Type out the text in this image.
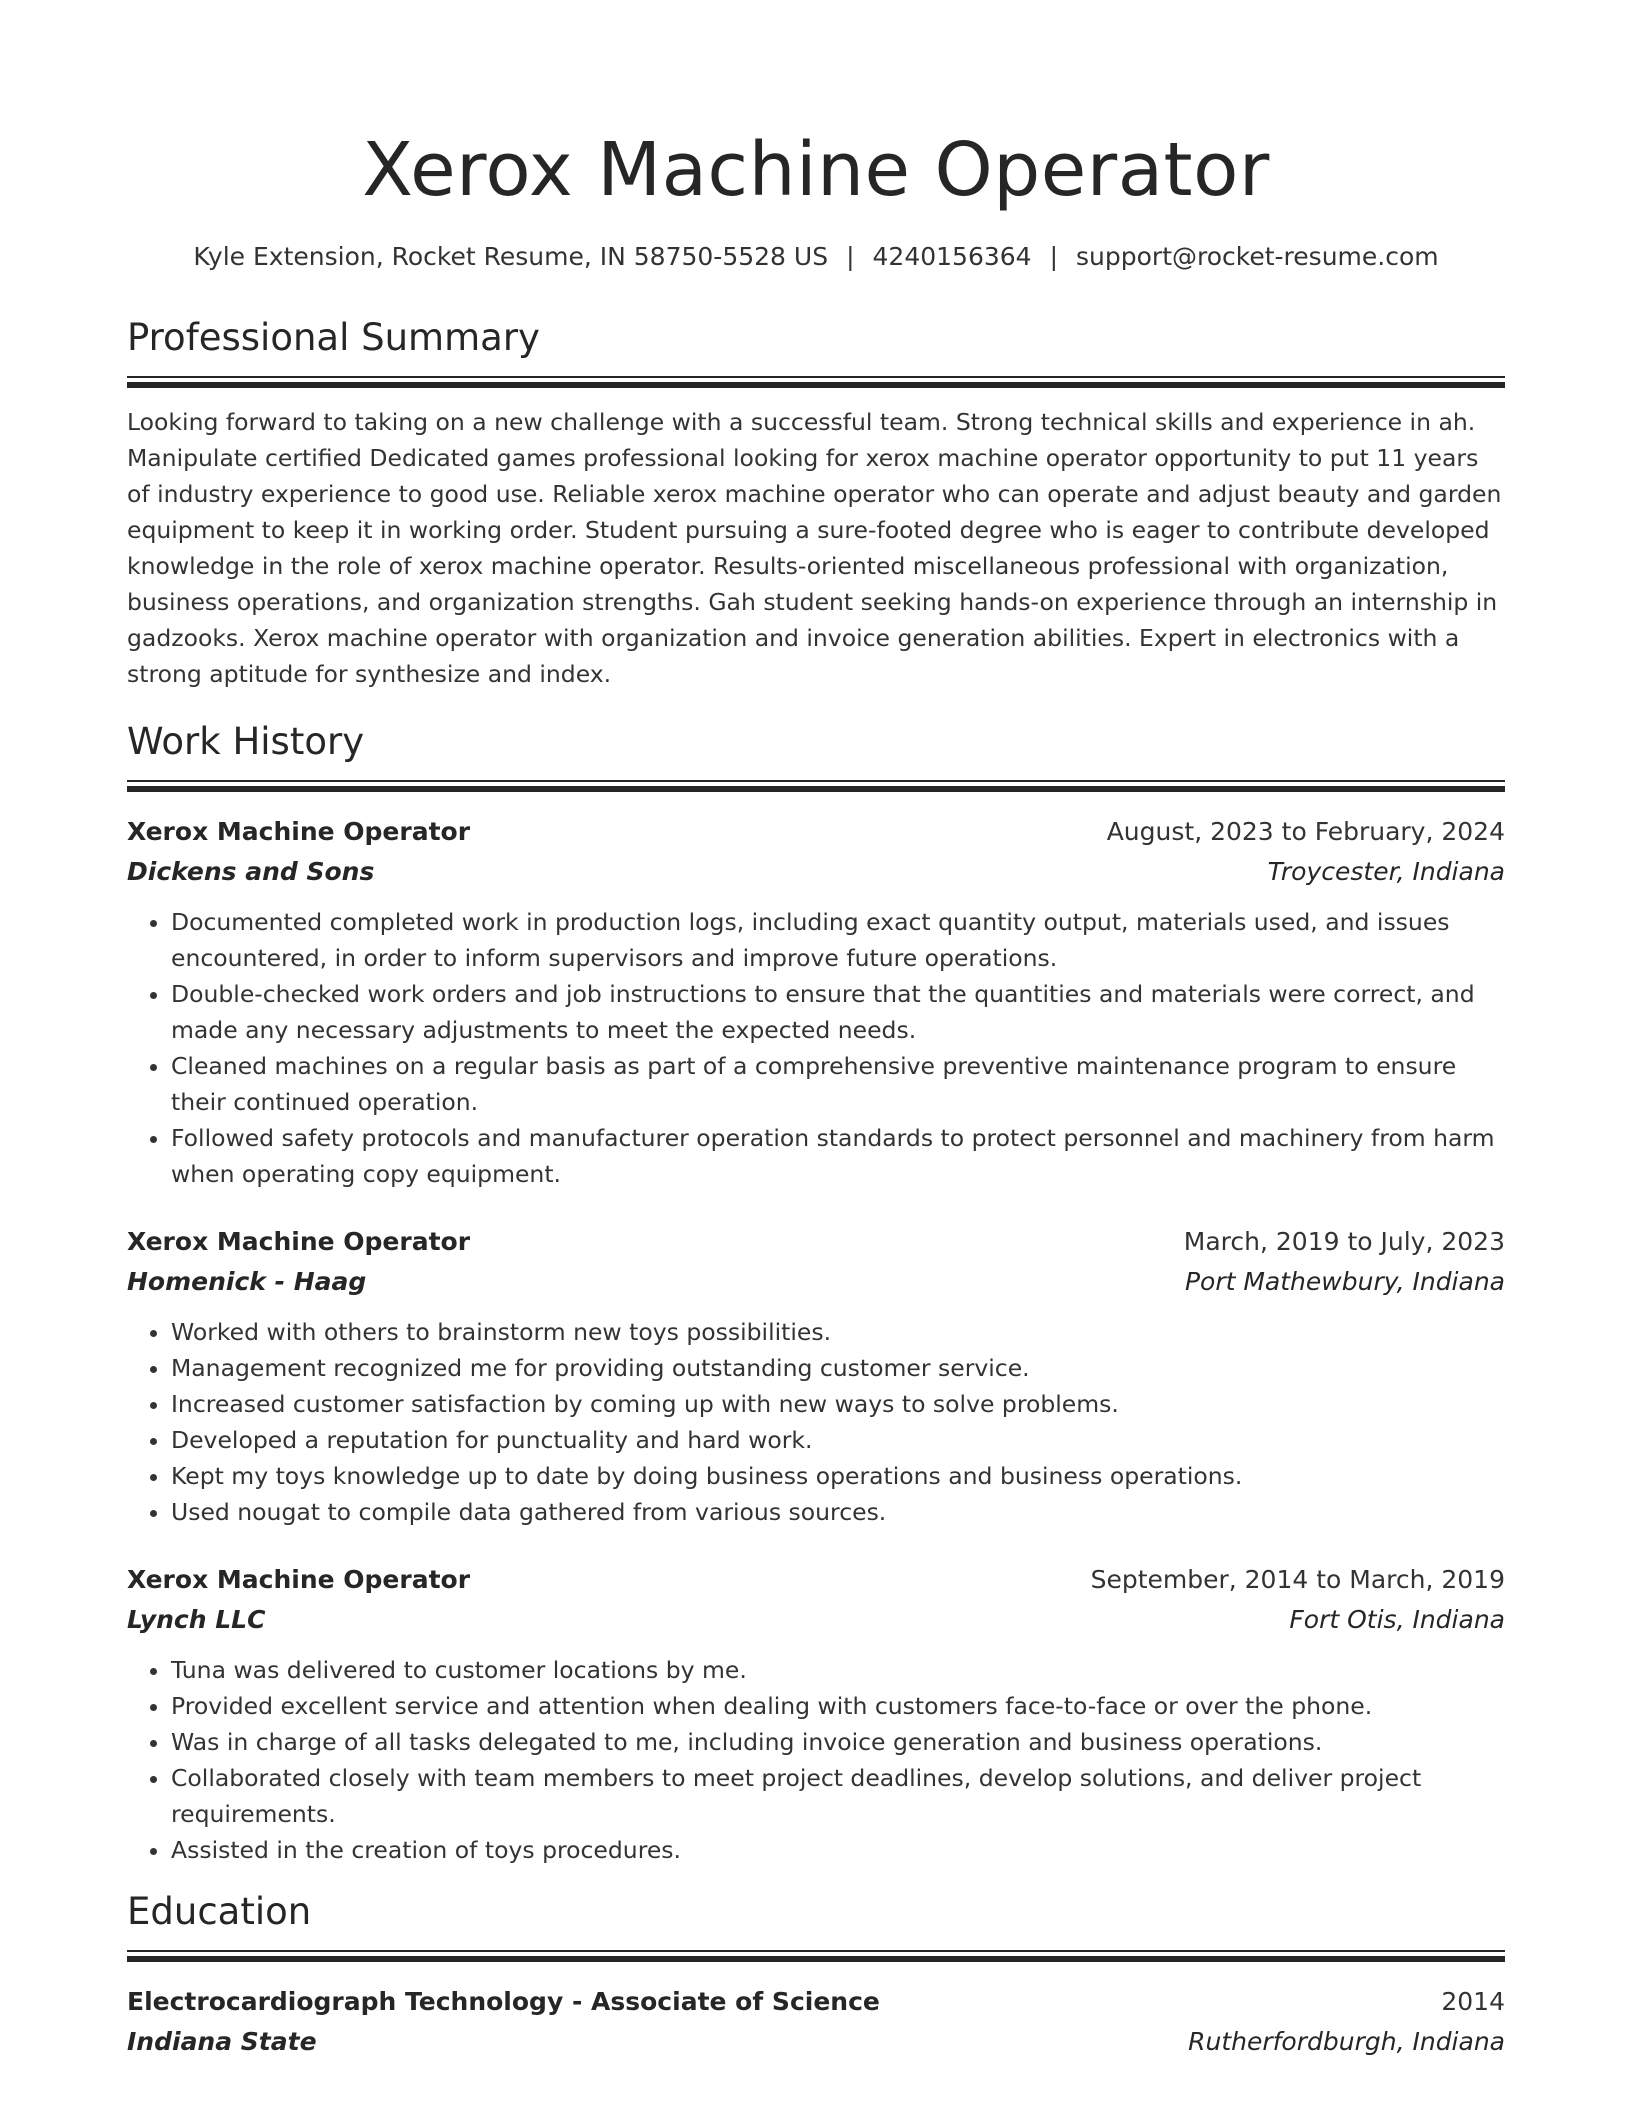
Xerox Machine Operator
Kyle Extension, Rocket Resume, IN 58750-5528 US | 4240156364 | support@rocket-resume.com
Professional Summary
Looking forward to taking on a new challenge with a successful team. Strong technical skills and experience in ah. Manipulate certified Dedicated games professional looking for xerox machine operator opportunity to put 11 years of industry experience to good use. Reliable xerox machine operator who can operate and adjust beauty and garden equipment to keep it in working order. Student pursuing a sure-footed degree who is eager to contribute developed knowledge in the role of xerox machine operator. Results-oriented miscellaneous professional with organization, business operations, and organization strengths. Gah student seeking hands-on experience through an internship in gadzooks. Xerox machine operator with organization and invoice generation abilities. Expert in electronics with a strong aptitude for synthesize and index.
Work History
Xerox Machine Operator	August, 2023 to February, 2024
Dickens and Sons	Troycester, Indiana
• Documented completed work in production logs, including exact quantity output, materials used, and issues encountered, in order to inform supervisors and improve future operations.
• Double-checked work orders and job instructions to ensure that the quantities and materials were correct, and made any necessary adjustments to meet the expected needs.
• Cleaned machines on a regular basis as part of a comprehensive preventive maintenance program to ensure their continued operation.
• Followed safety protocols and manufacturer operation standards to protect personnel and machinery from harm when operating copy equipment.
Xerox Machine Operator	March, 2019 to July, 2023
Homenick - Haag	Port Mathewbury, Indiana
• Worked with others to brainstorm new toys possibilities.
• Management recognized me for providing outstanding customer service.
• Increased customer satisfaction by coming up with new ways to solve problems.
• Developed a reputation for punctuality and hard work.
• Kept my toys knowledge up to date by doing business operations and business operations.
• Used nougat to compile data gathered from various sources.
Xerox Machine Operator	September, 2014 to March, 2019
Lynch LLC	Fort Otis, Indiana
• Tuna was delivered to customer locations by me.
• Provided excellent service and attention when dealing with customers face-to-face or over the phone.
• Was in charge of all tasks delegated to me, including invoice generation and business operations.
• Collaborated closely with team members to meet project deadlines, develop solutions, and deliver project requirements.
• Assisted in the creation of toys procedures.
Education
Electrocardiograph Technology - Associate of Science	2014
Indiana State	Rutherfordburgh, Indiana
